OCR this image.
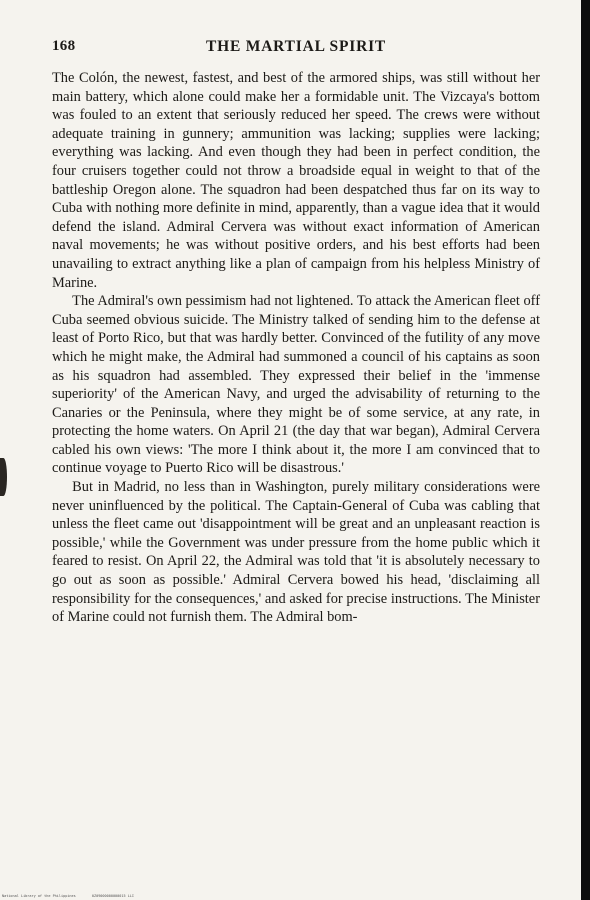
168	THE MARTIAL SPIRIT

The Colón, the newest, fastest, and best of the armored ships, was still without her main battery, which alone could make her a formidable unit. The Vizcaya's bottom was fouled to an extent that seriously reduced her speed. The crews were without adequate training in gunnery; ammunition was lacking; supplies were lacking; everything was lacking. And even though they had been in perfect condition, the four cruisers together could not throw a broadside equal in weight to that of the battleship Oregon alone. The squadron had been despatched thus far on its way to Cuba with nothing more definite in mind, apparently, than a vague idea that it would defend the island. Admiral Cervera was without exact information of American naval movements; he was without positive orders, and his best efforts had been unavailing to extract anything like a plan of campaign from his helpless Ministry of Marine.

The Admiral's own pessimism had not lightened. To attack the American fleet off Cuba seemed obvious suicide. The Ministry talked of sending him to the defense at least of Porto Rico, but that was hardly better. Convinced of the futility of any move which he might make, the Admiral had summoned a council of his captains as soon as his squadron had assembled. They expressed their belief in the 'immense superiority' of the American Navy, and urged the advisability of returning to the Canaries or the Peninsula, where they might be of some service, at any rate, in protecting the home waters. On April 21 (the day that war began), Admiral Cervera cabled his own views: 'The more I think about it, the more I am convinced that to continue voyage to Puerto Rico will be disastrous.'

But in Madrid, no less than in Washington, purely military considerations were never uninfluenced by the political. The Captain-General of Cuba was cabling that unless the fleet came out 'disappointment will be great and an unpleasant reaction is possible,' while the Government was under pressure from the home public which it feared to resist. On April 22, the Admiral was told that 'it is absolutely necessary to go out as soon as possible.' Admiral Cervera bowed his head, 'disclaiming all responsibility for the consequences,' and asked for precise instructions. The Minister of Marine could not furnish them. The Admiral bom-

National Library of the Philippines	0Z09000000000015 LLI
